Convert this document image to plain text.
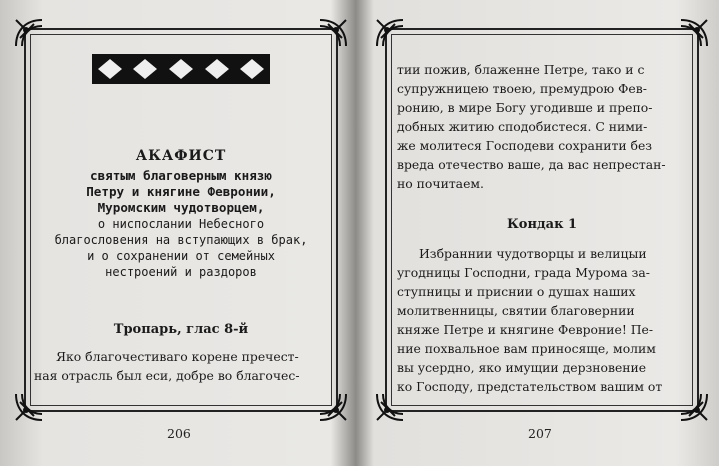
АКАФИСТ
святым благоверным князю
Петру и княгине Февронии,
Муромским чудотворцем,
о ниспослании Небесного
благословения на вступающих в брак,
и о сохранении от семейных
нестроений и раздоров
Тропарь, глас 8-й
Яко благочестиваго корене пречест-
ная отрасль был еси, добре во благочес-
206
тии пожив, блаженне Петре, тако и с
супружницею твоею, премудрою Фев-
ронию, в мире Богу угодивше и препо-
добных житию сподобистеся. С ними-
же молитеся Господеви сохранити без
вреда отечество ваше, да вас непрестан-
но почитаем.
Кондак 1
Избраннии чудотворцы и велицыи
угодницы Господни, града Мурома за-
ступницы и приснии о душах наших
молитвенницы, святии благовернии
княже Петре и княгине Февроние! Пе-
ние похвальное вам приносяще, молим
вы усердно, яко имущии дерзновение
ко Господу, предстательством вашим от
207
